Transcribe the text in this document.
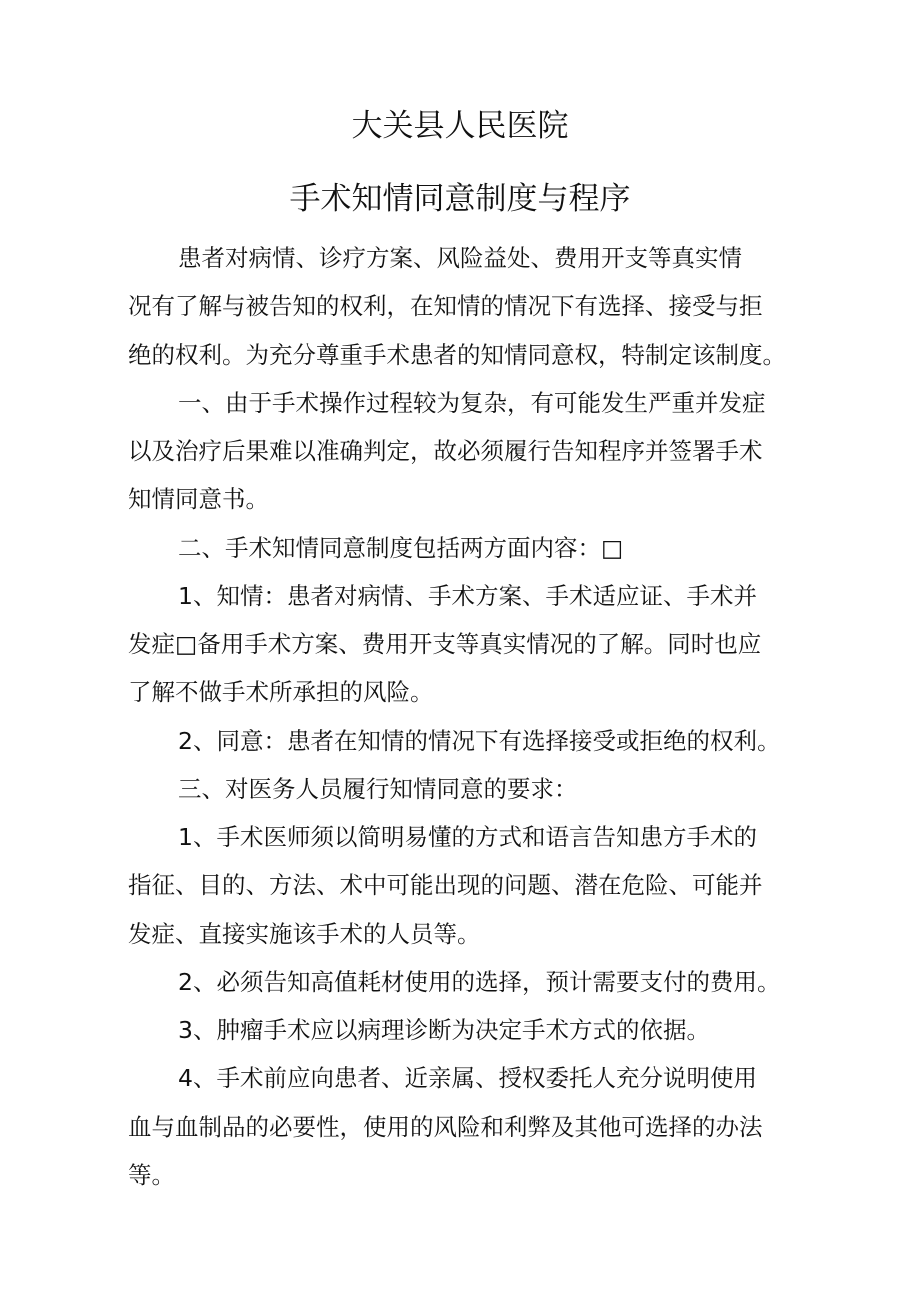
大关县人民医院
手术知情同意制度与程序
患者对病情、诊疗方案、风险益处、费用开支等真实情
况有了解与被告知的权利，在知情的情况下有选择、接受与拒
绝的权利。为充分尊重手术患者的知情同意权，特制定该制度。
一、由于手术操作过程较为复杂，有可能发生严重并发症
以及治疗后果难以准确判定，故必须履行告知程序并签署手术
知情同意书。
二、手术知情同意制度包括两方面内容：□
1、知情：患者对病情、手术方案、手术适应证、手术并
发症□备用手术方案、费用开支等真实情况的了解。同时也应
了解不做手术所承担的风险。
2、同意：患者在知情的情况下有选择接受或拒绝的权利。
三、对医务人员履行知情同意的要求：
1、手术医师须以简明易懂的方式和语言告知患方手术的
指征、目的、方法、术中可能出现的问题、潜在危险、可能并
发症、直接实施该手术的人员等。
2、必须告知高值耗材使用的选择，预计需要支付的费用。
3、肿瘤手术应以病理诊断为决定手术方式的依据。
4、手术前应向患者、近亲属、授权委托人充分说明使用
血与血制品的必要性，使用的风险和利弊及其他可选择的办法
等。
